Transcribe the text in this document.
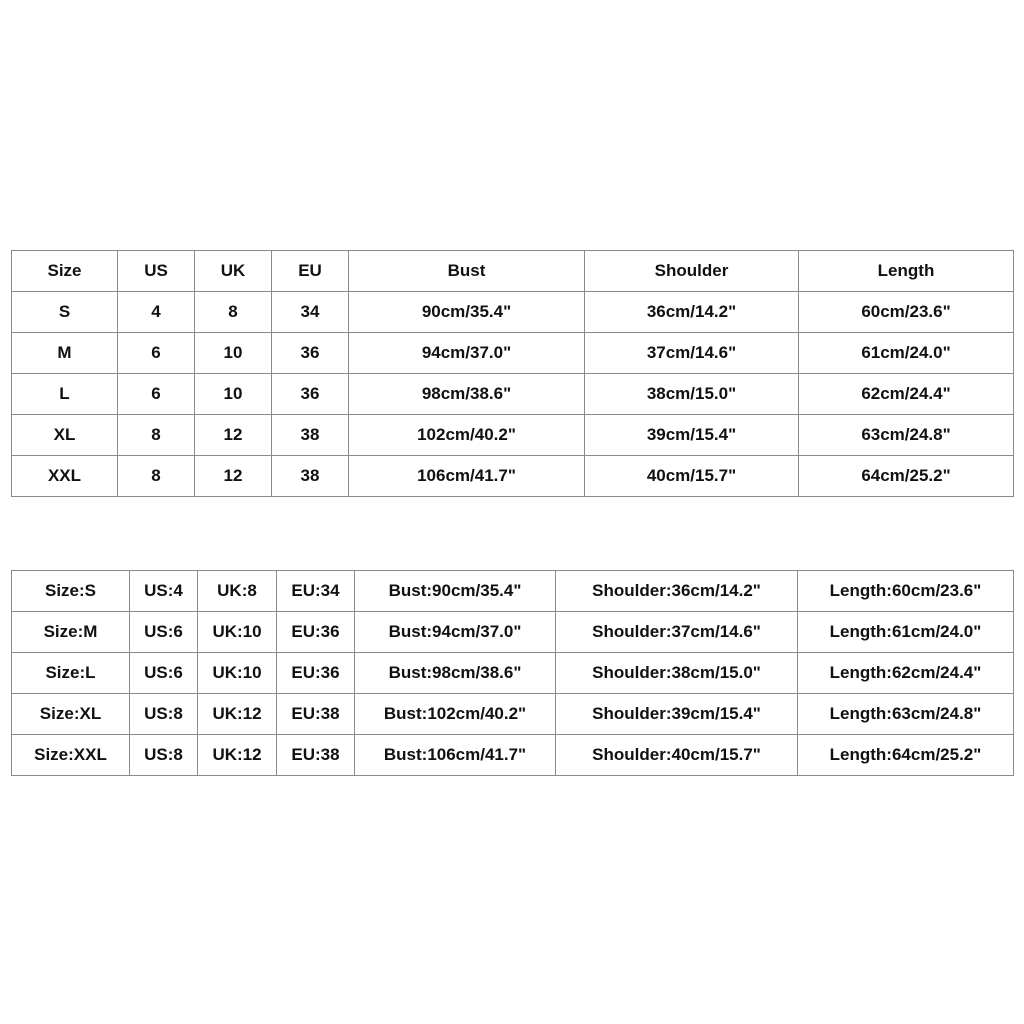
Size	US	UK	EU	Bust	Shoulder	Length
S	4	8	34	90cm/35.4"	36cm/14.2"	60cm/23.6"
M	6	10	36	94cm/37.0"	37cm/14.6"	61cm/24.0"
L	6	10	36	98cm/38.6"	38cm/15.0"	62cm/24.4"
XL	8	12	38	102cm/40.2"	39cm/15.4"	63cm/24.8"
XXL	8	12	38	106cm/41.7"	40cm/15.7"	64cm/25.2"
Size:S	US:4	UK:8	EU:34	Bust:90cm/35.4"	Shoulder:36cm/14.2"	Length:60cm/23.6"
Size:M	US:6	UK:10	EU:36	Bust:94cm/37.0"	Shoulder:37cm/14.6"	Length:61cm/24.0"
Size:L	US:6	UK:10	EU:36	Bust:98cm/38.6"	Shoulder:38cm/15.0"	Length:62cm/24.4"
Size:XL	US:8	UK:12	EU:38	Bust:102cm/40.2"	Shoulder:39cm/15.4"	Length:63cm/24.8"
Size:XXL	US:8	UK:12	EU:38	Bust:106cm/41.7"	Shoulder:40cm/15.7"	Length:64cm/25.2"
